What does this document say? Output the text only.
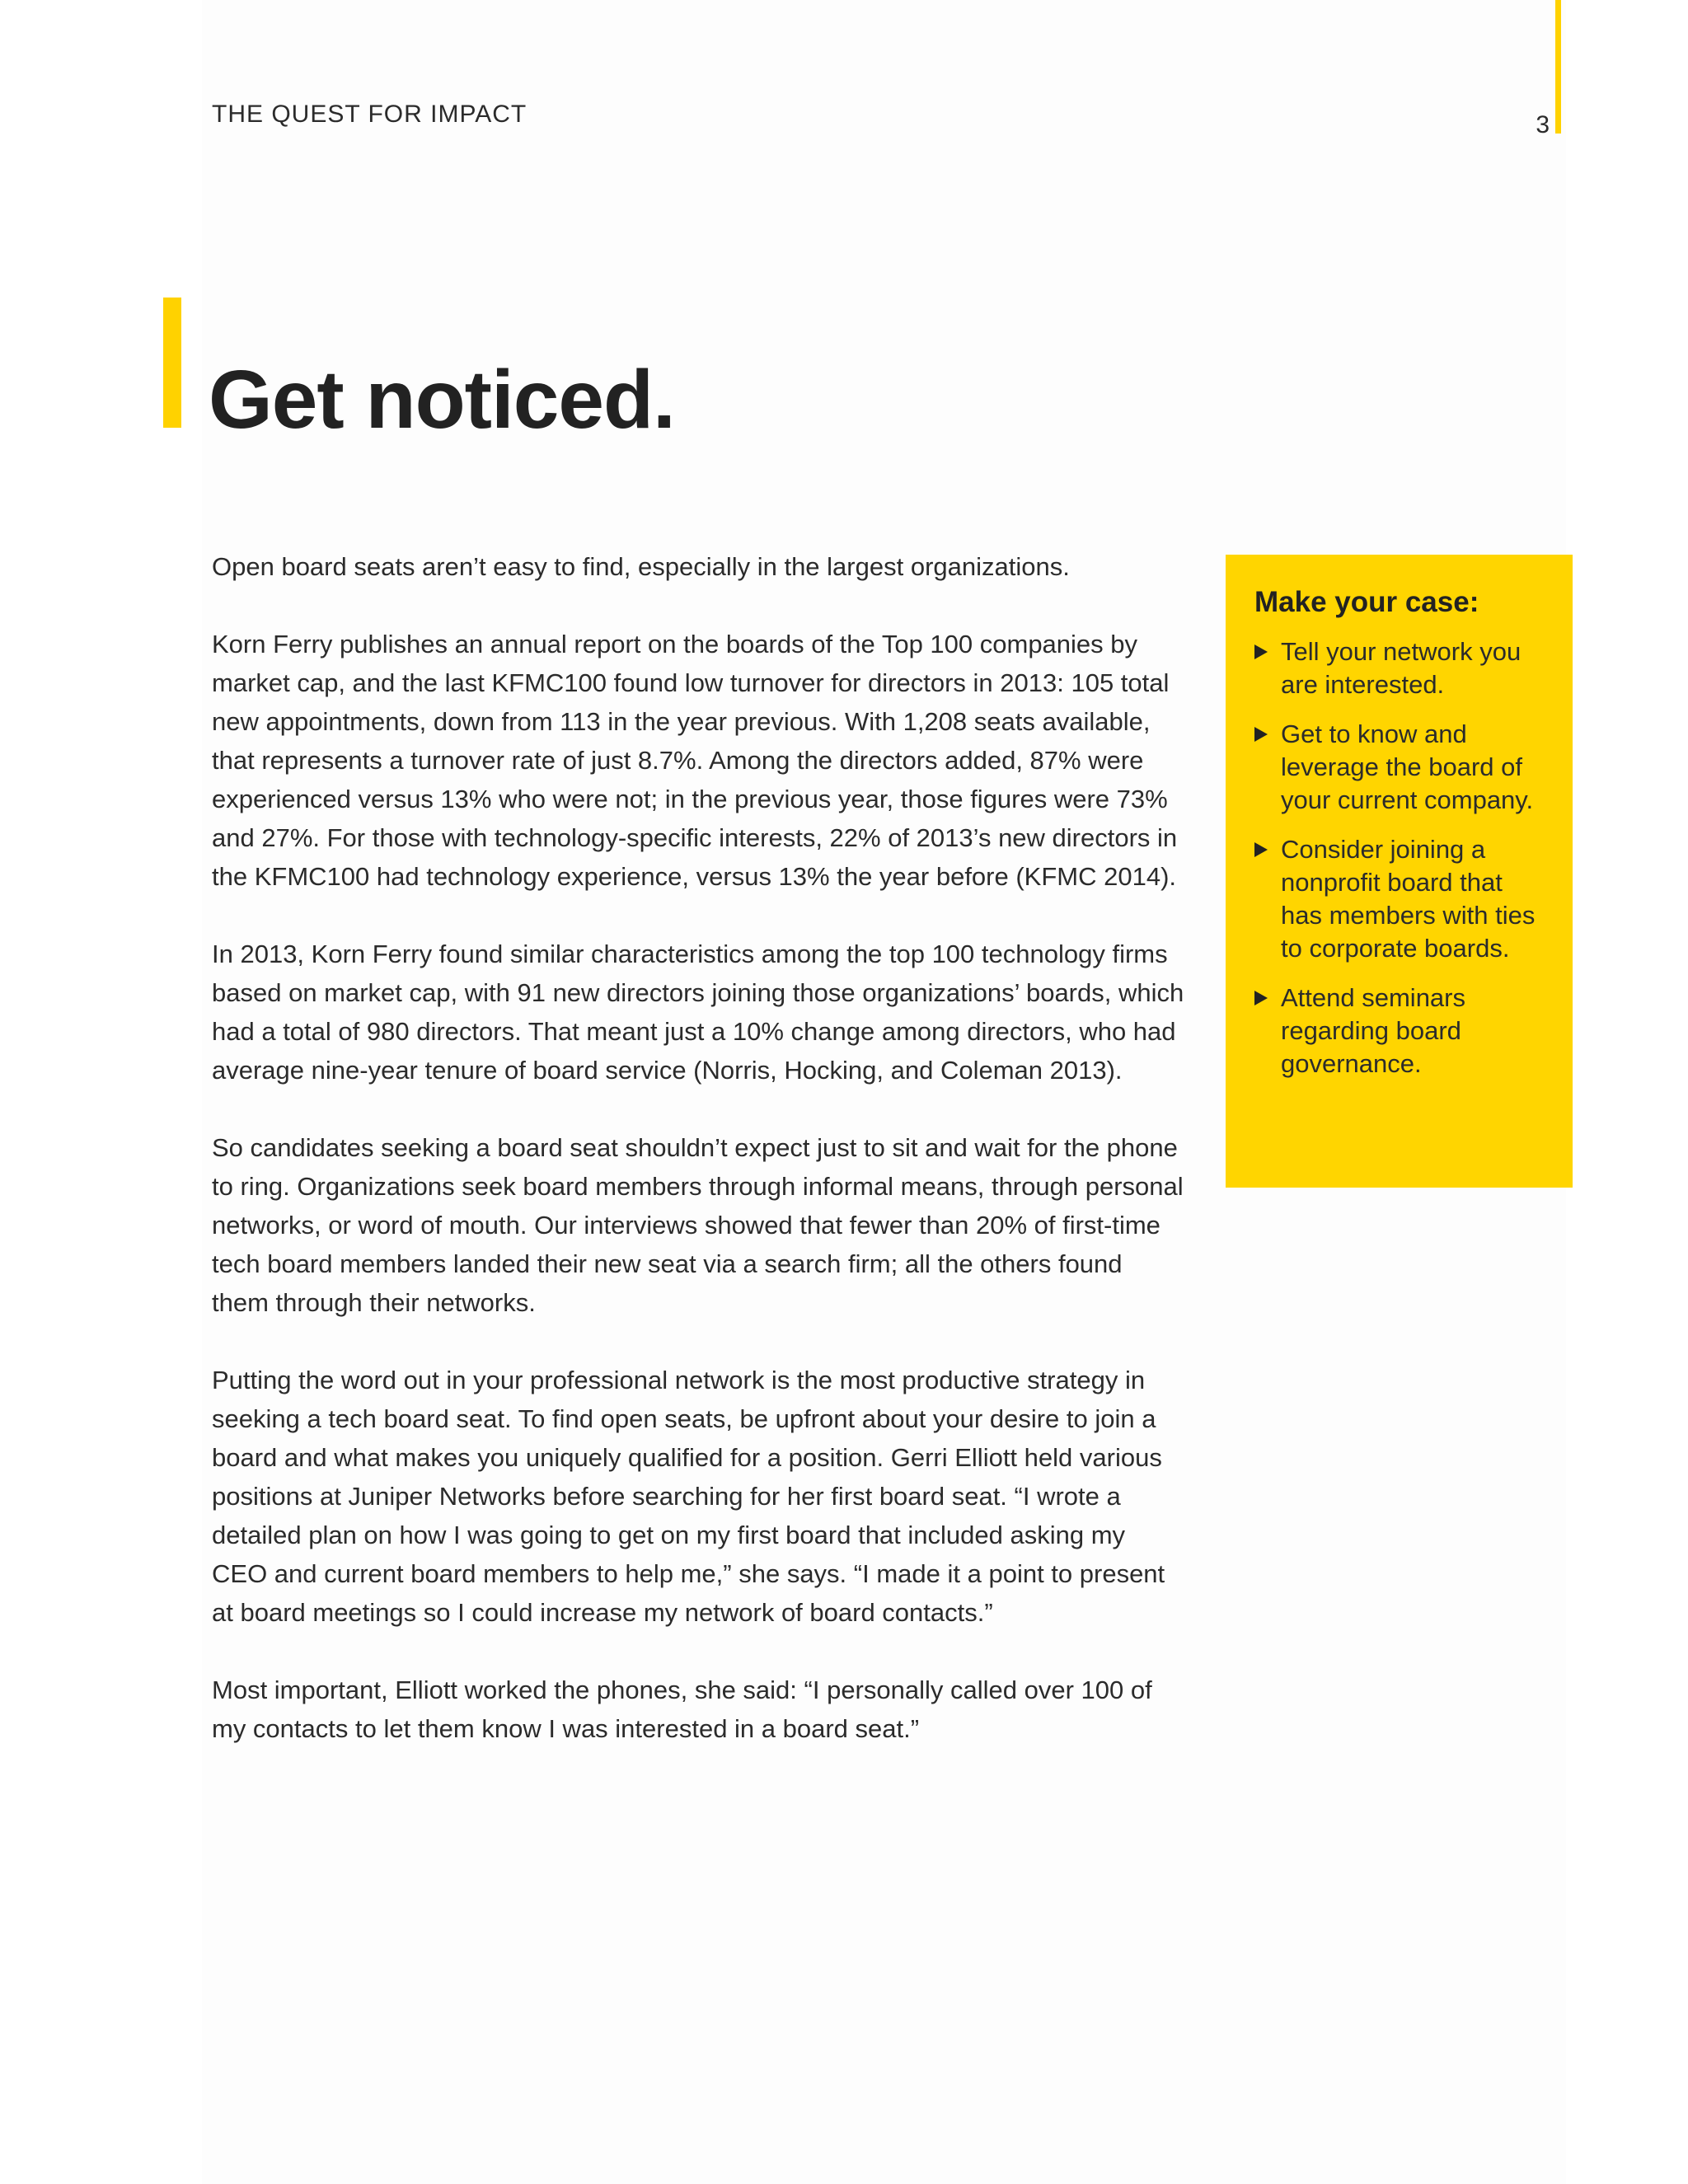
THE QUEST FOR IMPACT	3
Get noticed.

Open board seats aren’t easy to find, especially in the largest organizations.

Korn Ferry publishes an annual report on the boards of the Top 100 companies by market cap, and the last KFMC100 found low turnover for directors in 2013: 105 total new appointments, down from 113 in the year previous. With 1,208 seats available, that represents a turnover rate of just 8.7%. Among the directors added, 87% were experienced versus 13% who were not; in the previous year, those figures were 73% and 27%. For those with technology-specific interests, 22% of 2013’s new directors in the KFMC100 had technology experience, versus 13% the year before (KFMC 2014).

In 2013, Korn Ferry found similar characteristics among the top 100 technology firms based on market cap, with 91 new directors joining those organizations’ boards, which had a total of 980 directors. That meant just a 10% change among directors, who had average nine-year tenure of board service (Norris, Hocking, and Coleman 2013).

So candidates seeking a board seat shouldn’t expect just to sit and wait for the phone to ring. Organizations seek board members through informal means, through personal networks, or word of mouth. Our interviews showed that fewer than 20% of first-time tech board members landed their new seat via a search firm; all the others found them through their networks.

Putting the word out in your professional network is the most productive strategy in seeking a tech board seat. To find open seats, be upfront about your desire to join a board and what makes you uniquely qualified for a position. Gerri Elliott held various positions at Juniper Networks before searching for her first board seat. “I wrote a detailed plan on how I was going to get on my first board that included asking my CEO and current board members to help me,” she says. “I made it a point to present at board meetings so I could increase my network of board contacts.”

Most important, Elliott worked the phones, she said: “I personally called over 100 of my contacts to let them know I was interested in a board seat.”

Make your case:
Tell your network you are interested.
Get to know and leverage the board of your current company.
Consider joining a nonprofit board that has members with ties to corporate boards.
Attend seminars regarding board governance.
